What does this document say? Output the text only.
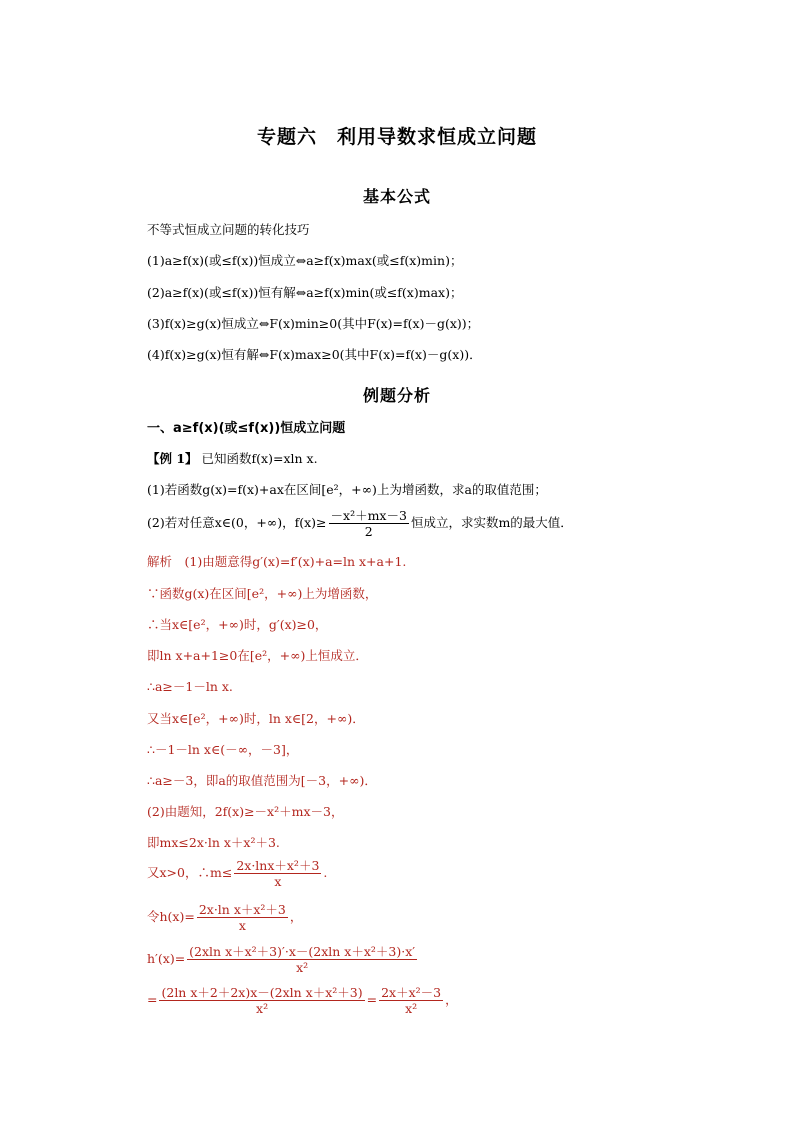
专题六　利用导数求恒成立问题
基本公式
不等式恒成立问题的转化技巧
(1)a≥f(x)(或≤f(x))恒成立⇔a≥f(x)max(或≤f(x)min)；
(2)a≥f(x)(或≤f(x))恒有解⇔a≥f(x)min(或≤f(x)max)；
(3)f(x)≥g(x)恒成立⇔F(x)min≥0(其中F(x)=f(x)－g(x))；
(4)f(x)≥g(x)恒有解⇔F(x)max≥0(其中F(x)=f(x)－g(x))．
例题分析
一、a≥f(x)(或≤f(x))恒成立问题
【例 1】 已知函数f(x)=xln x.
(1)若函数g(x)=f(x)+ax在区间[e²，+∞)上为增函数，求a的取值范围；
(2)若对任意x∈(0，+∞)，$f(x)\ge \frac{\text{－x²＋mx－3}}{2}$ 恒成立，求实数m的最大值．
解析　(1)由题意得g′(x)=f′(x)+a=ln x+a+1.
∵函数g(x)在区间[e²，+∞)上为增函数，
∴当x∈[e²，+∞)时，g′(x)≥0，
即ln x+a+1≥0在[e²，+∞)上恒成立．
∴a≥－1－ln x.
又当x∈[e²，+∞)时，ln x∈[2，+∞)．
∴－1－ln x∈(－∞，－3]，
∴a≥－3，即a的取值范围为[－3，+∞)．
(2)由题知，2f(x)≥－x²＋mx－3，
即mx≤2x·ln x＋x²＋3.
又x>0，∴m≤ $\frac{\text{2x·lnx＋x²＋3}}{x}$ .
令$h(x)= \frac{\text{2x·ln x＋x²＋3}}{x}$ ，
$h'(x)= \frac{\text{(2xln x＋x²＋3)′·x－(2xln x＋x²＋3)·x′}}{\text{x²}}$
= $\frac{\text{(2ln x＋2＋2x)x－(2xln x＋x²＋3)}}{\text{x²}} = \frac{\text{2x＋x²－3}}{\text{x²}}$ ，
